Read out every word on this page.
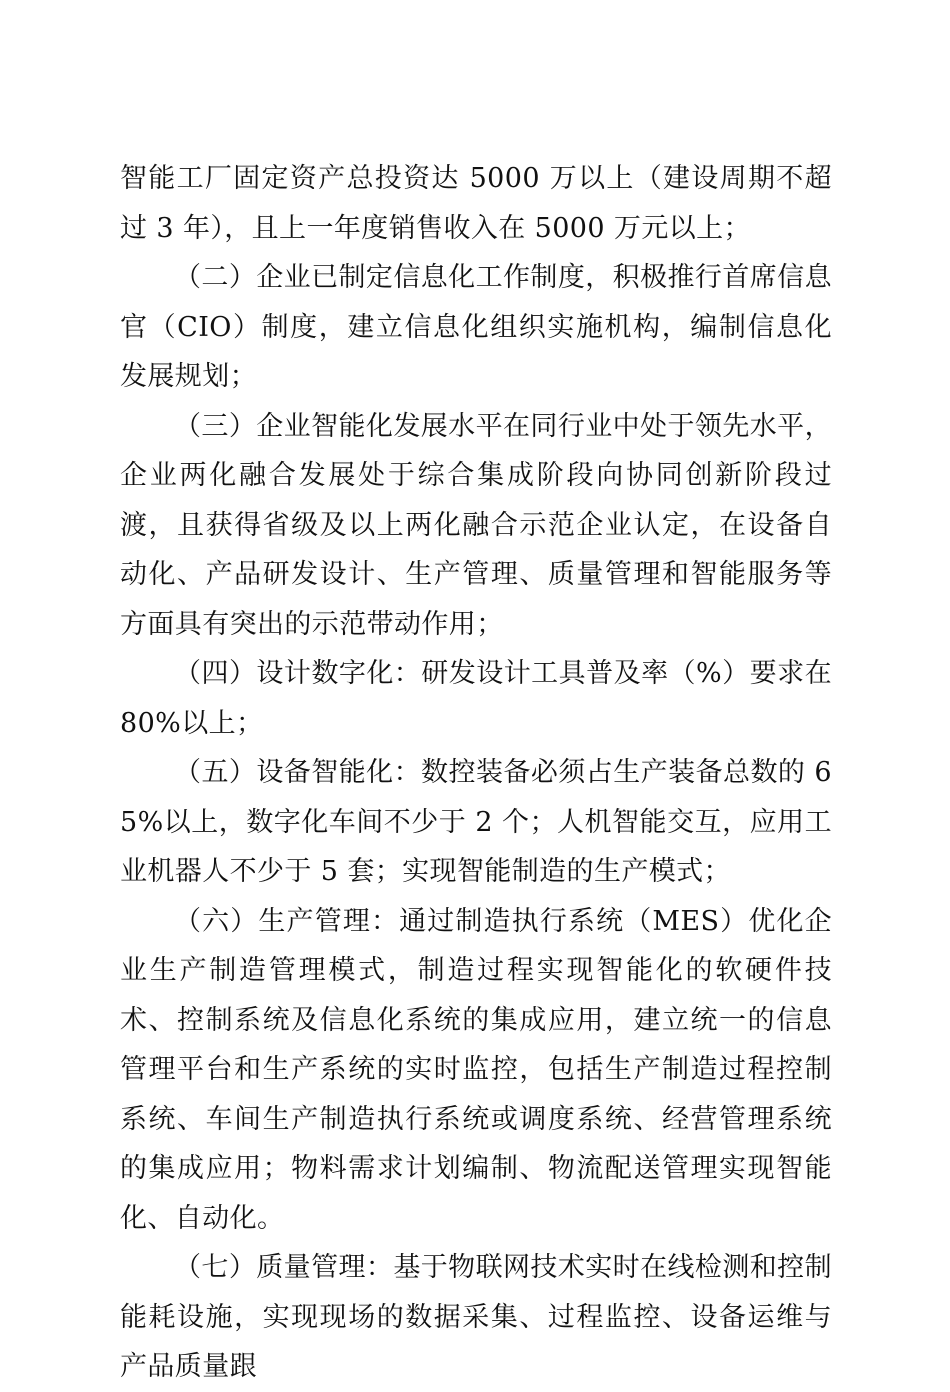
智能工厂固定资产总投资达 5000 万以上（建设周期不超过 3 年），且上一年度销售收入在 5000 万元以上；

（二）企业已制定信息化工作制度，积极推行首席信息官（CIO）制度，建立信息化组织实施机构，编制信息化发展规划；

（三）企业智能化发展水平在同行业中处于领先水平，企业两化融合发展处于综合集成阶段向协同创新阶段过渡，且获得省级及以上两化融合示范企业认定，在设备自动化、产品研发设计、生产管理、质量管理和智能服务等方面具有突出的示范带动作用；

（四）设计数字化：研发设计工具普及率（%）要求在 80%以上；

（五）设备智能化：数控装备必须占生产装备总数的 65%以上，数字化车间不少于 2 个；人机智能交互，应用工业机器人不少于 5 套；实现智能制造的生产模式；

（六）生产管理：通过制造执行系统（MES）优化企业生产制造管理模式，制造过程实现智能化的软硬件技术、控制系统及信息化系统的集成应用，建立统一的信息管理平台和生产系统的实时监控，包括生产制造过程控制系统、车间生产制造执行系统或调度系统、经营管理系统的集成应用；物料需求计划编制、物流配送管理实现智能化、自动化。

（七）质量管理：基于物联网技术实时在线检测和控制能耗设施，实现现场的数据采集、过程监控、设备运维与产品质量跟
